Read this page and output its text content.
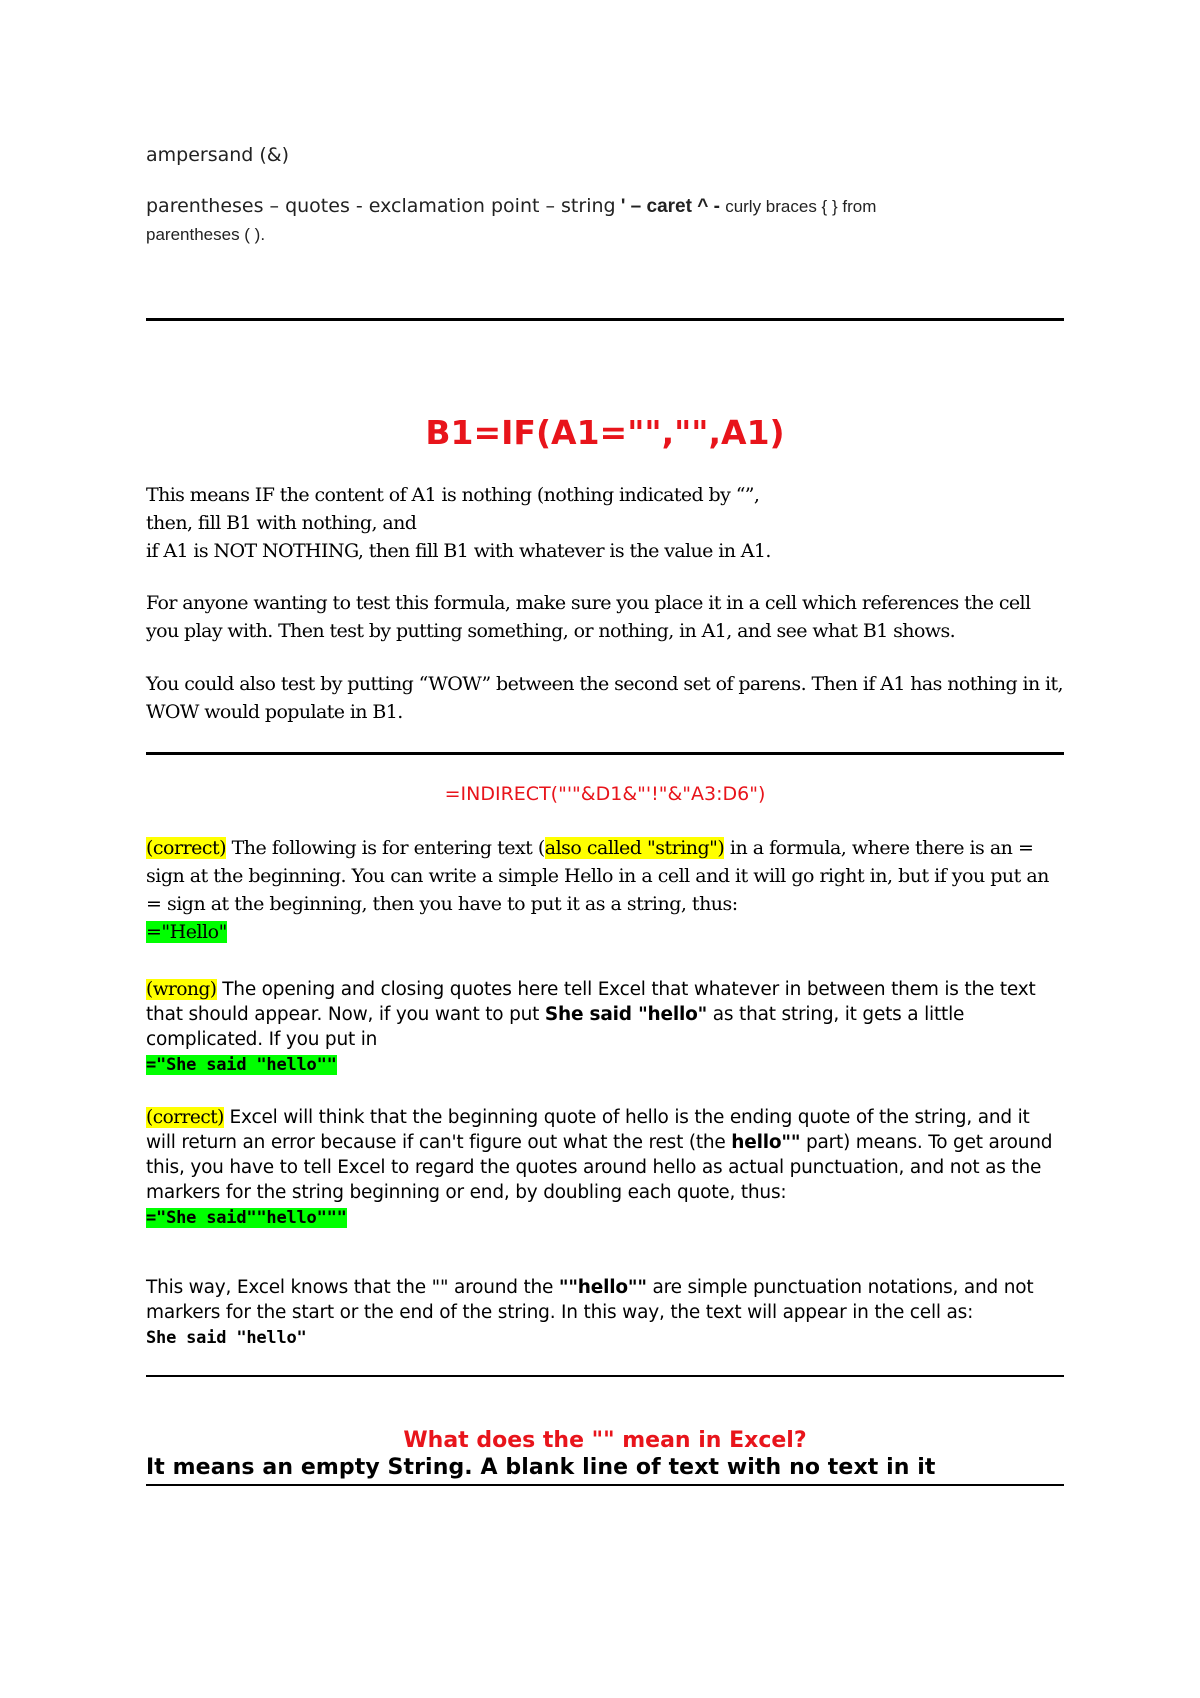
ampersand (&)
parentheses – quotes - exclamation point – string ' – caret ^ - curly braces { } from
parentheses ( ).
B1=IF(A1="","",A1)
This means IF the content of A1 is nothing (nothing indicated by “”,
then, fill B1 with nothing, and
if A1 is NOT NOTHING, then fill B1 with whatever is the value in A1.

For anyone wanting to test this formula, make sure you place it in a cell which references the cell you play with. Then test by putting something, or nothing, in A1, and see what B1 shows.

You could also test by putting “WOW” between the second set of parens. Then if A1 has nothing in it, WOW would populate in B1.

=INDIRECT("'"&D1&"'!"&"A3:D6")

(correct) The following is for entering text (also called "string") in a formula, where there is an = sign at the beginning. You can write a simple Hello in a cell and it will go right in, but if you put an = sign at the beginning, then you have to put it as a string, thus:
="Hello"

(wrong) The opening and closing quotes here tell Excel that whatever in between them is the text that should appear. Now, if you want to put She said "hello" as that string, it gets a little complicated. If you put in
="She said "hello""

(correct) Excel will think that the beginning quote of hello is the ending quote of the string, and it will return an error because if can't figure out what the rest (the hello"" part) means. To get around this, you have to tell Excel to regard the quotes around hello as actual punctuation, and not as the markers for the string beginning or end, by doubling each quote, thus:
="She said""hello"""

This way, Excel knows that the "" around the ""hello"" are simple punctuation notations, and not markers for the start or the end of the string. In this way, the text will appear in the cell as:
She said "hello"

What does the "" mean in Excel?
It means an empty String. A blank line of text with no text in it
